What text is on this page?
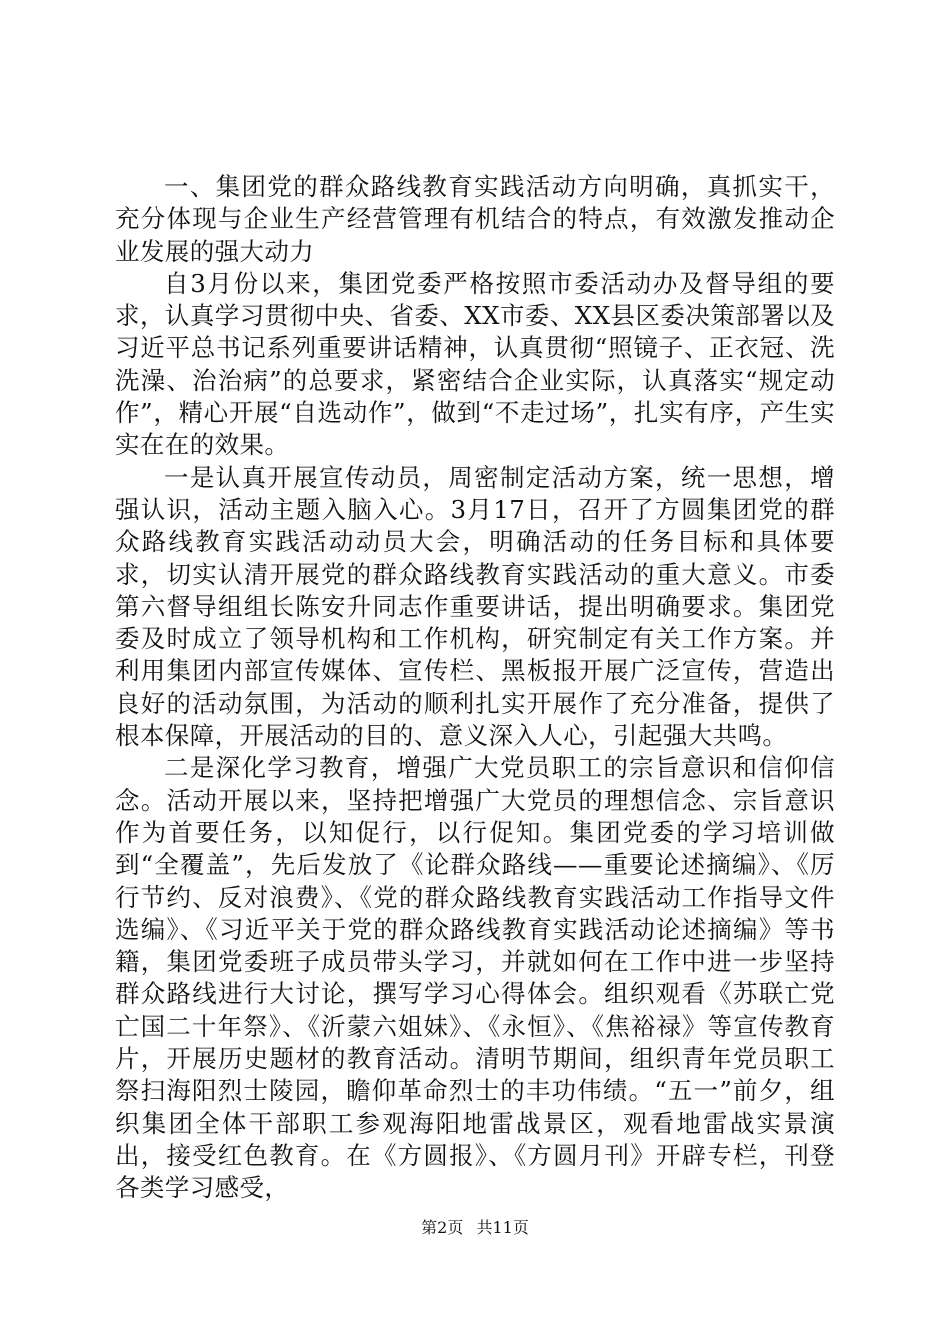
一、集团党的群众路线教育实践活动方向明确，真抓实干，充分体现与企业生产经营管理有机结合的特点，有效激发推动企业发展的强大动力

自3月份以来，集团党委严格按照市委活动办及督导组的要求，认真学习贯彻中央、省委、XX市委、XX县区委决策部署以及习近平总书记系列重要讲话精神，认真贯彻“照镜子、正衣冠、洗洗澡、治治病”的总要求，紧密结合企业实际，认真落实“规定动作”，精心开展“自选动作”，做到“不走过场”，扎实有序，产生实实在在的效果。

一是认真开展宣传动员，周密制定活动方案，统一思想，增强认识，活动主题入脑入心。3月17日，召开了方圆集团党的群众路线教育实践活动动员大会，明确活动的任务目标和具体要求，切实认清开展党的群众路线教育实践活动的重大意义。市委第六督导组组长陈安升同志作重要讲话，提出明确要求。集团党委及时成立了领导机构和工作机构，研究制定有关工作方案。并利用集团内部宣传媒体、宣传栏、黑板报开展广泛宣传，营造出良好的活动氛围，为活动的顺利扎实开展作了充分准备，提供了根本保障，开展活动的目的、意义深入人心，引起强大共鸣。

二是深化学习教育，增强广大党员职工的宗旨意识和信仰信念。活动开展以来，坚持把增强广大党员的理想信念、宗旨意识作为首要任务，以知促行，以行促知。集团党委的学习培训做到“全覆盖”，先后发放了《论群众路线——重要论述摘编》、《厉行节约、反对浪费》、《党的群众路线教育实践活动工作指导文件选编》、《习近平关于党的群众路线教育实践活动论述摘编》等书籍，集团党委班子成员带头学习，并就如何在工作中进一步坚持群众路线进行大讨论，撰写学习心得体会。组织观看《苏联亡党亡国二十年祭》、《沂蒙六姐妹》、《永恒》、《焦裕禄》等宣传教育片，开展历史题材的教育活动。清明节期间，组织青年党员职工祭扫海阳烈士陵园，瞻仰革命烈士的丰功伟绩。“五一”前夕，组织集团全体干部职工参观海阳地雷战景区，观看地雷战实景演出，接受红色教育。在《方圆报》、《方圆月刊》开辟专栏，刊登各类学习感受，

第2页 共11页
